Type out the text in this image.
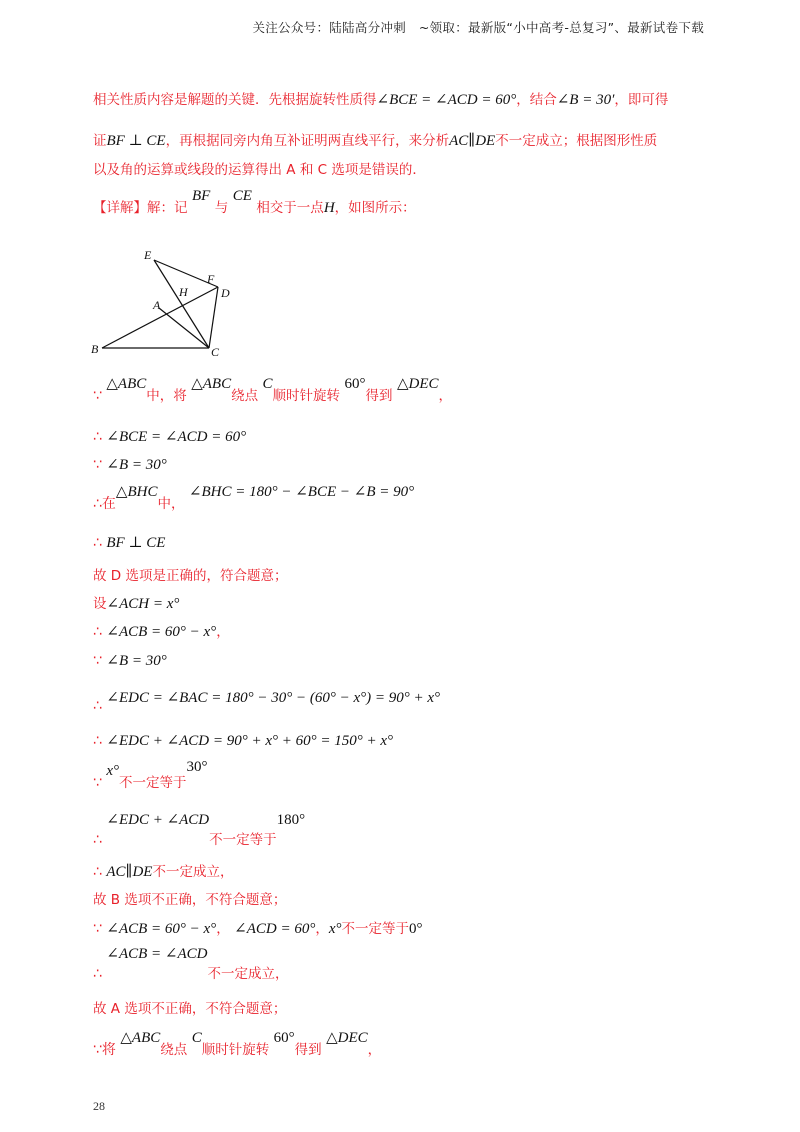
关注公众号：陆陆高分冲刺　~领取：最新版“小中高考-总复习”、最新试卷下载
相关性质内容是解题的关键．先根据旋转性质得∠BCE = ∠ACD = 60°，结合∠B = 30′，即可得
证BF ⊥ CE，再根据同旁内角互补证明两直线平行，来分析AC∥DE不一定成立；根据图形性质
以及角的运算或线段的运算得出 A 和 C 选项是错误的．
【详解】解：记 BF 与 CE 相交于一点H，如图所示：
E
F
H	D
A
B	C
∵ △ABC中，将 △ABC绕点 C顺时针旋转 60°得到 △DEC，
∴ ∠BCE = ∠ACD = 60°
∵ ∠B = 30°
∴在△BHC中， ∠BHC = 180° − ∠BCE − ∠B = 90°
∴ BF ⊥ CE
故 D 选项是正确的，符合题意；
设∠ACH = x°
∴ ∠ACB = 60° − x°，
∵ ∠B = 30°
∴ ∠EDC = ∠BAC = 180° − 30° − (60° − x°) = 90° + x°
∴ ∠EDC + ∠ACD = 90° + x° + 60° = 150° + x°
∵ x°不一定等于30°
∴ ∠EDC + ∠ACD不一定等于180°
∴ AC∥DE不一定成立，
故 B 选项不正确，不符合题意；
∵ ∠ACB = 60° − x°， ∠ACD = 60°，x°不一定等于0°
∴ ∠ACB = ∠ACD不一定成立，
故 A 选项不正确，不符合题意；
∵将 △ABC绕点 C顺时针旋转 60°得到 △DEC，
28
